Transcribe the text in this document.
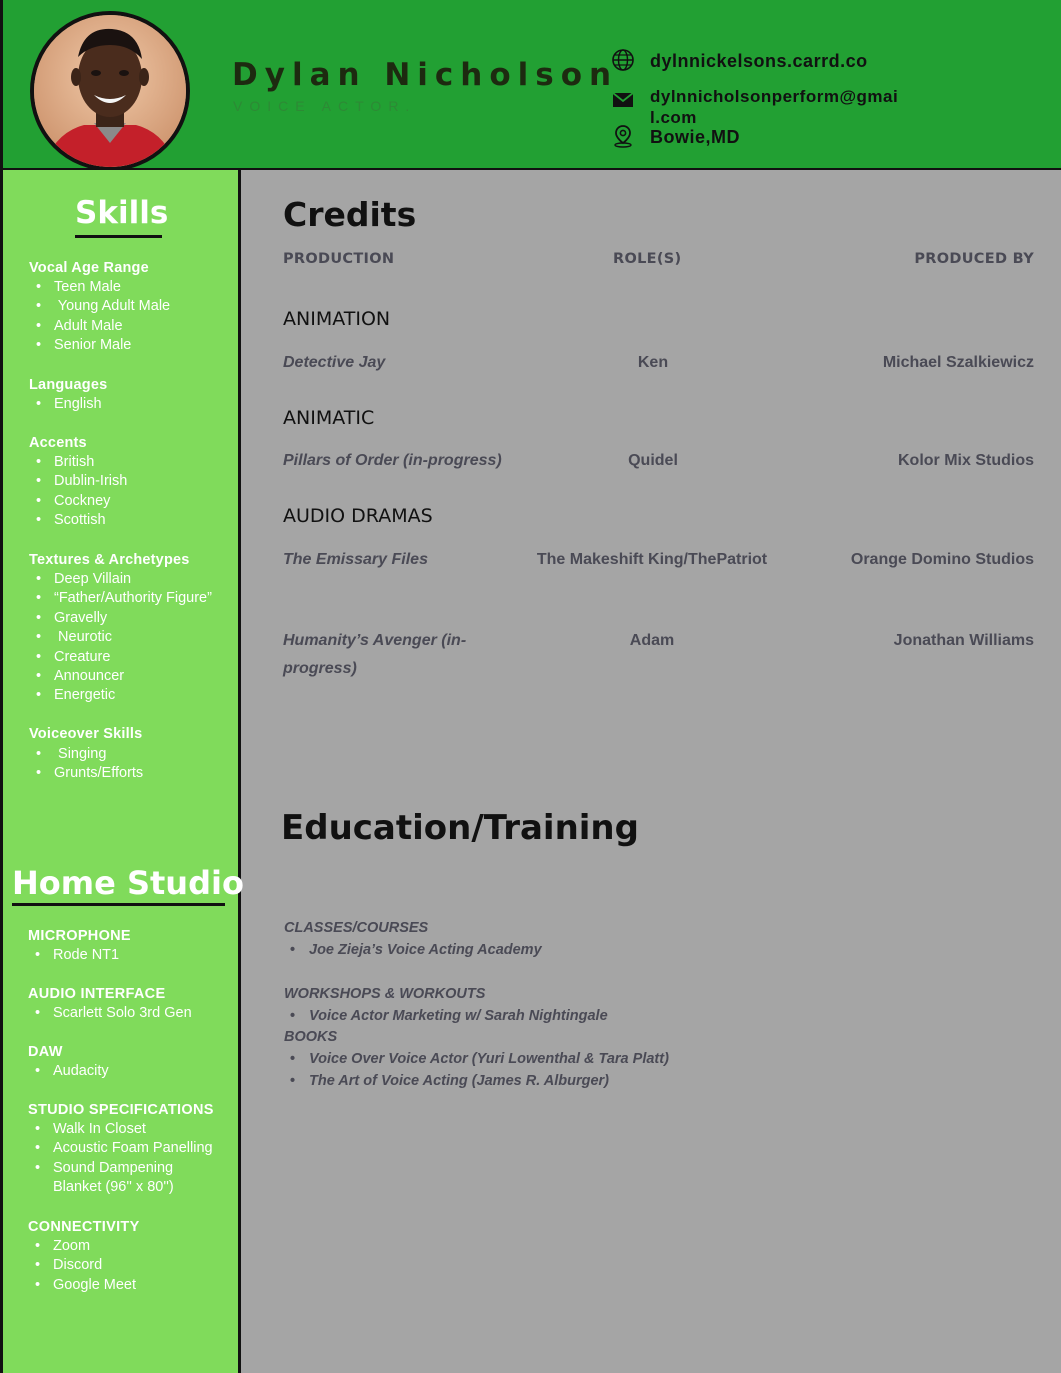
Dylan Nicholson
VOICE ACTOR.
dylnnickelsons.carrd.co
dylnnicholsonperform@gmai
l.com
Bowie,MD
Skills
Vocal Age Range
• Teen Male
•  Young Adult Male
• Adult Male
• Senior Male
Languages
• English
Accents
• British
• Dublin-Irish
• Cockney
• Scottish
Textures & Archetypes
• Deep Villain
• “Father/Authority Figure”
• Gravelly
•  Neurotic
• Creature
• Announcer
• Energetic
Voiceover Skills
•  Singing
• Grunts/Efforts
Home Studio
MICROPHONE
• Rode NT1
AUDIO INTERFACE
• Scarlett Solo 3rd Gen
DAW
• Audacity
STUDIO SPECIFICATIONS
• Walk In Closet
• Acoustic Foam Panelling
• Sound Dampening
Blanket (96'' x 80'')
CONNECTIVITY
• Zoom
• Discord
• Google Meet
Credits
PRODUCTION	ROLE(S)	PRODUCED BY
ANIMATION
Detective Jay	Ken	Michael Szalkiewicz
ANIMATIC
Pillars of Order (in-progress)	Quidel	Kolor Mix Studios
AUDIO DRAMAS
The Emissary Files	The Makeshift King/ThePatriot	Orange Domino Studios
Humanity’s Avenger (in-
progress)
Adam	Jonathan Williams
Education/Training
CLASSES/COURSES
• Joe Zieja’s Voice Acting Academy
WORKSHOPS & WORKOUTS
• Voice Actor Marketing w/ Sarah Nightingale
BOOKS
• Voice Over Voice Actor (Yuri Lowenthal & Tara Platt)
• The Art of Voice Acting (James R. Alburger)
